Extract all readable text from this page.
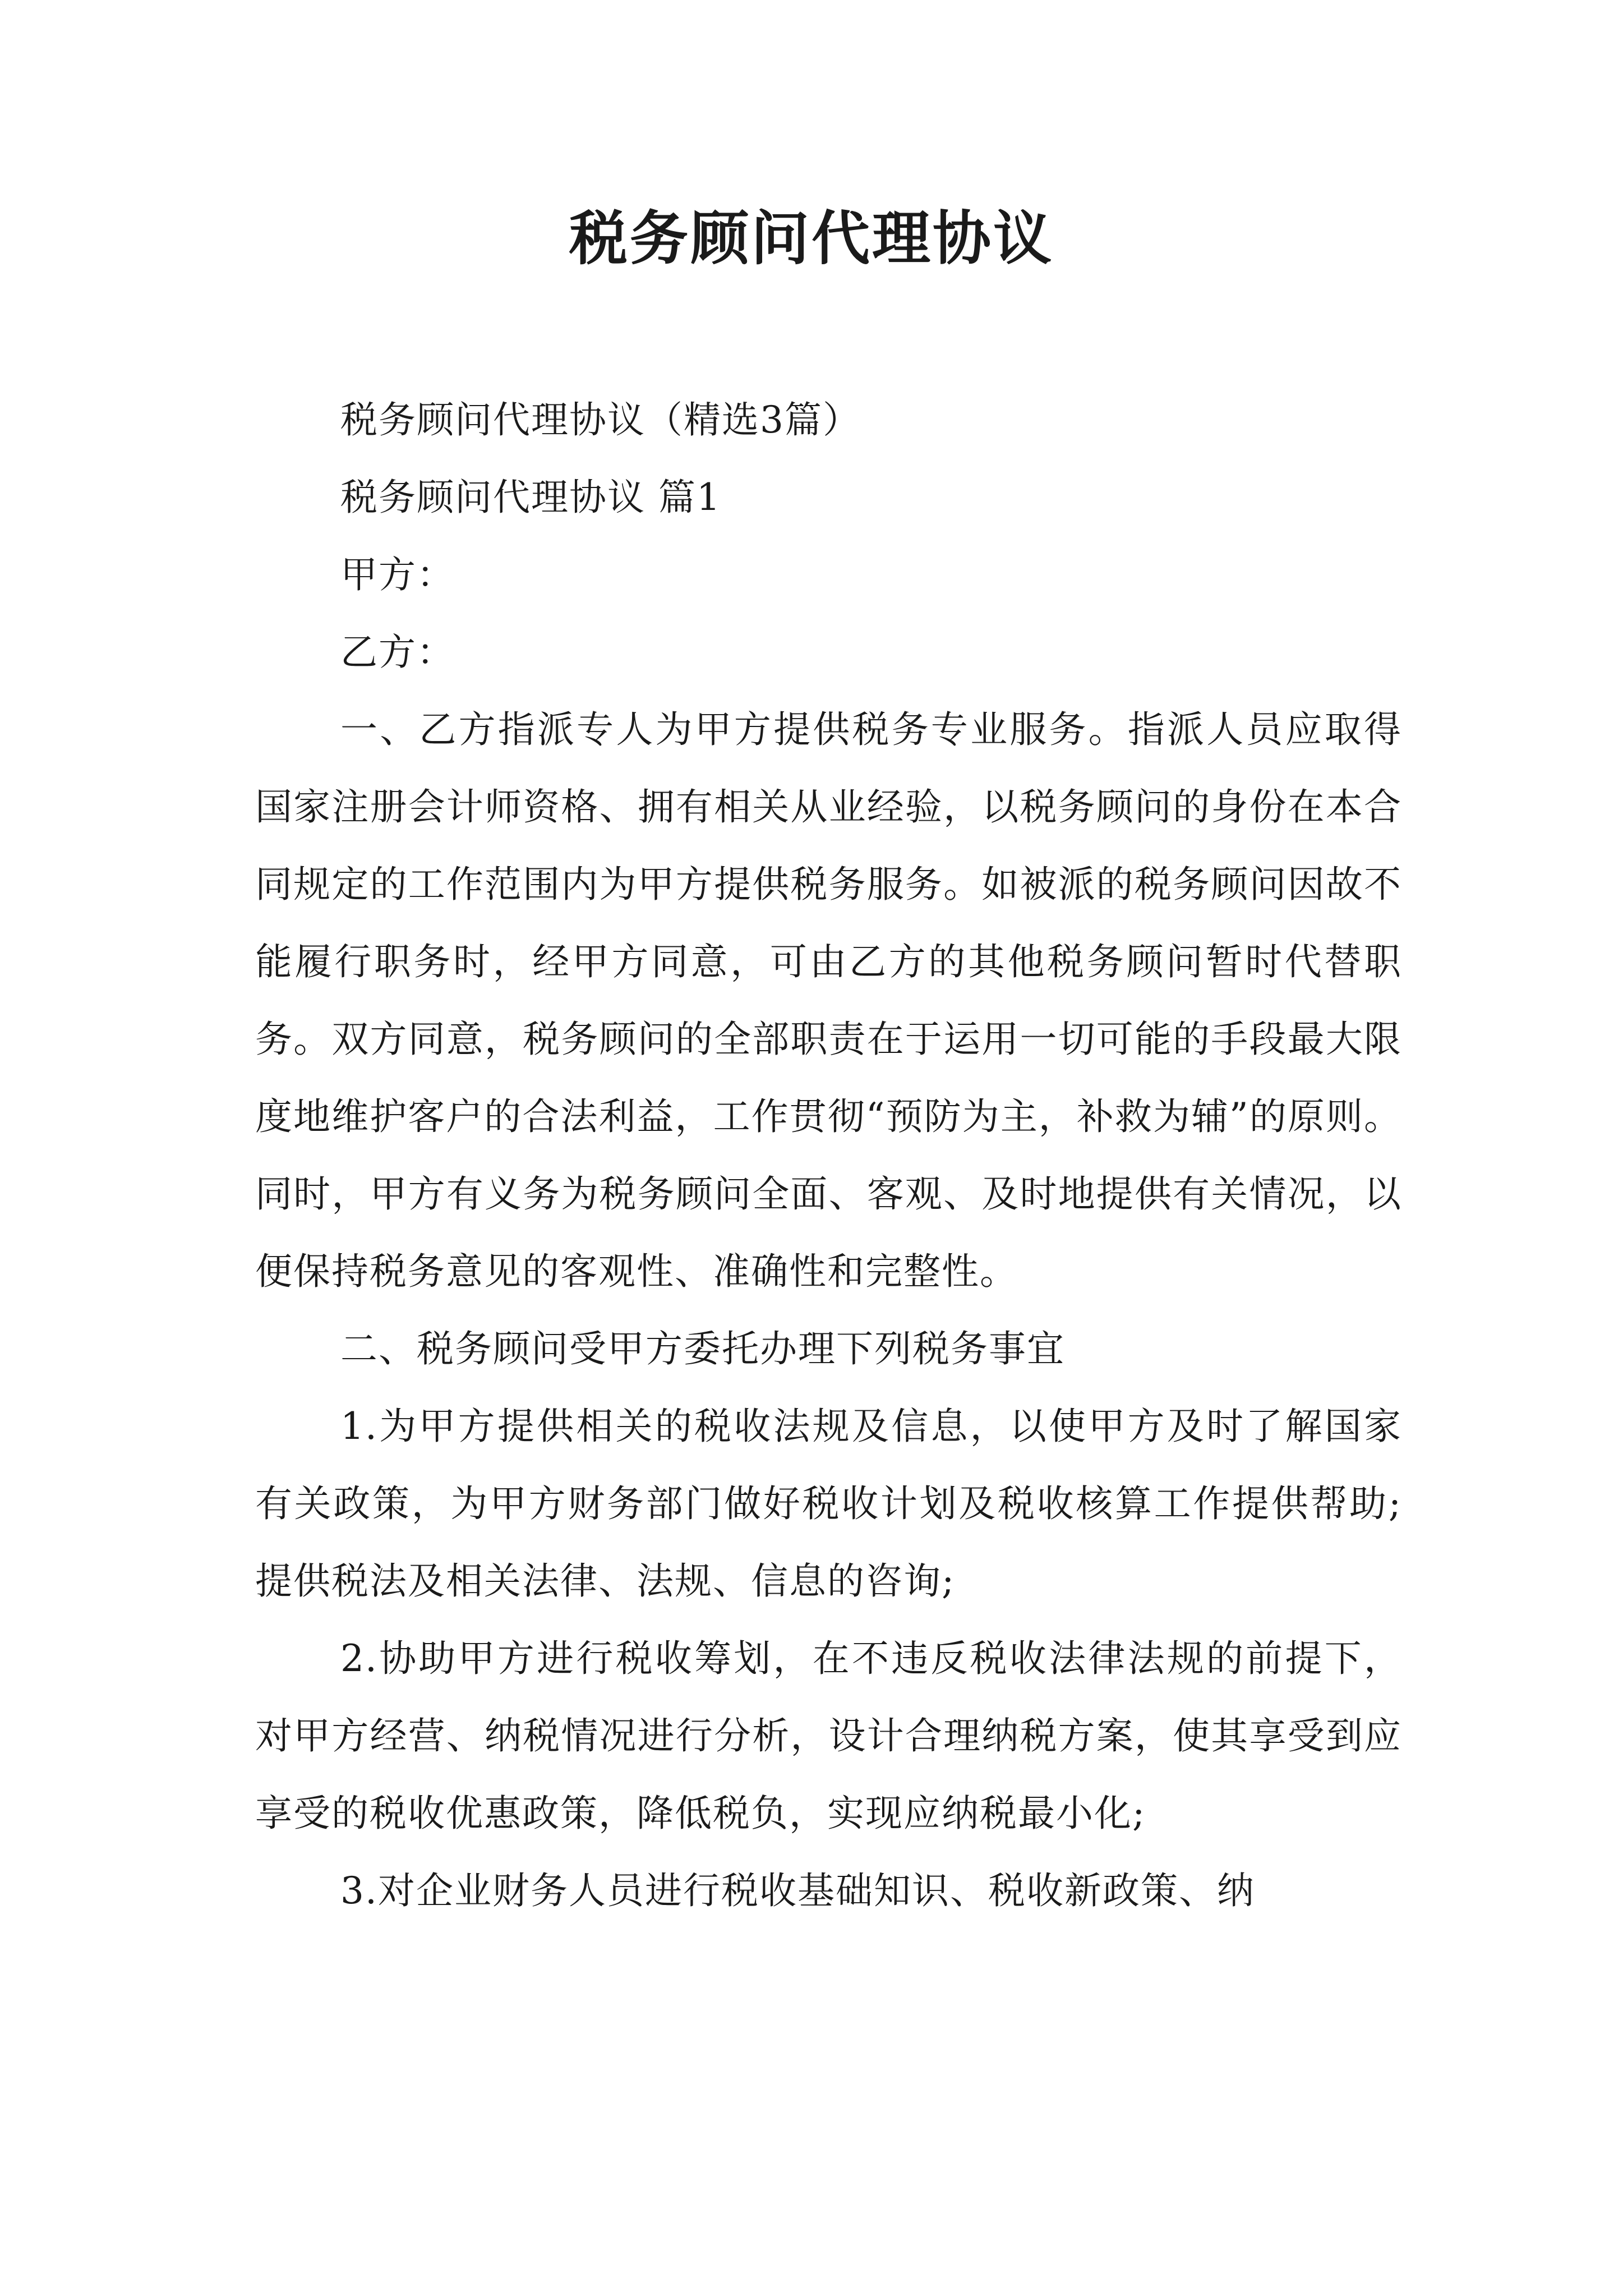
税务顾问代理协议

税务顾问代理协议（精选3篇）

税务顾问代理协议 篇1

甲方：

乙方：

一、乙方指派专人为甲方提供税务专业服务。指派人员应取得国家注册会计师资格、拥有相关从业经验，以税务顾问的身份在本合同规定的工作范围内为甲方提供税务服务。如被派的税务顾问因故不能履行职务时，经甲方同意，可由乙方的其他税务顾问暂时代替职务。双方同意，税务顾问的全部职责在于运用一切可能的手段最大限度地维护客户的合法利益，工作贯彻“预防为主，补救为辅”的原则。同时，甲方有义务为税务顾问全面、客观、及时地提供有关情况，以便保持税务意见的客观性、准确性和完整性。

二、税务顾问受甲方委托办理下列税务事宜

1.为甲方提供相关的税收法规及信息，以使甲方及时了解国家有关政策，为甲方财务部门做好税收计划及税收核算工作提供帮助;提供税法及相关法律、法规、信息的咨询;

2.协助甲方进行税收筹划，在不违反税收法律法规的前提下，对甲方经营、纳税情况进行分析，设计合理纳税方案，使其享受到应享受的税收优惠政策，降低税负，实现应纳税最小化;

3.对企业财务人员进行税收基础知识、税收新政策、纳
